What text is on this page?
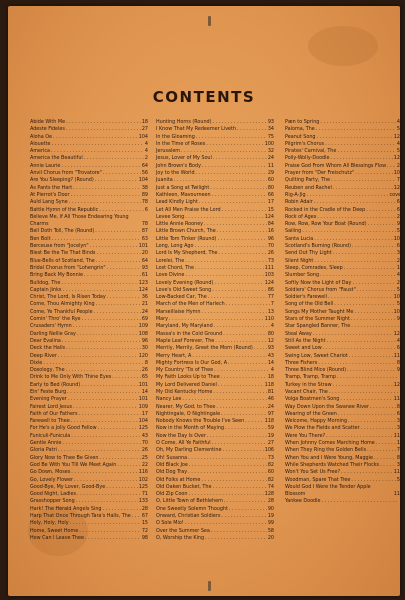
CONTENTS
Abide With Me . . .	18
Adeste Fideles . . .	27
Aloha Oe . . .	104
Alouette . . .	4
America . . .	4
America the Beautiful . . .	2
Annie Laurie . . .	64
Anvil Chorus from "Trovatore" . . .	56
Are You Sleeping? (Round) . . .	104
As Pants the Hart . . .	38
At Pierrot's Door . . .	89
Auld Lang Syne . . .	78
Battle Hymn of the Republic . . .	6
Believe Me, If All Those Endearing Young Charms	78
Bell Doth Toll, The (Round) . . .	87
Ben Bolt . . .	63
Berceuse from "Jocelyn" . . .	101
Blest Be the Tie That Binds . . .	20
Blue-Bells of Scotland, The . . .	64
Bridal Chorus from "Lohengrin" . . .	93
Bring Back My Bonnie . . .	61
Bulldog, The . . .	123
Captain Jinks . . .	124
Christ, The Lord, Is Risen Today . . .	36
Come, Thou Almighty King . . .	21
Come, Ye Thankful People . . .	24
Comin' Thro' the Rye . . .	69
Crusaders' Hymn . . .	109
Darling Nellie Gray . . .	108
Dear Evalina . . .	96
Deck the Halls . . .	30
Deep River . . .	120
Dixie . . .	8
Doxology, The . . .	26
Drink to Me Only With Thine Eyes . . .	65
Early to Bed (Round) . . .	101
Ein' Feste Burg . . .	14
Evening Prayer . . .	101
Fairest Lord Jesus . . .	109
Faith of Our Fathers . . .	17
Farewell to Thee . . .	104
For He's a Jolly Good Fellow . . .	125
Funiculi-Funicula . . .	43
Gentle Annie . . .	70
Gloria Patri . . .	26
Glory Now to Thee Be Given . . .	25
God Be With You Till We Meet Again . . .	22
Go Down, Moses . . .	116
Go, Lovely Flower . . .	102
Good-Bye, My Lover, Good-Bye . . .	125
Good Night, Ladies . . .	71
Grasshopper Song . . .	133
Hark! The Herald Angels Sing . . .	28
Harp That Once Through Tara's Halls, The . . . 67
Holy, Holy, Holy . . .	15
Home, Sweet Home . . .	72
How Can I Leave Thee . . .	98
Hunting Horns (Round) . . .	93
I Know That My Redeemer Liveth . . .	34
In the Gloaming . . .	75
In the Time of Roses . . .	100
Jerusalem . . .	32
Jesus, Lover of My Soul . . .	24
John Brown's Body . . .	11
Joy to the World . . .	29
Juanita . . .	60
Just a Song at Twilight . . .	80
Kathleen, Mavourneen . . .	66
Lead Kindly Light . . .	17
Let All Men Praise the Lord . . .	15
Levee Song . . .	124
Little Annie Rooney . . .	84
Little Brown Church, The . . .	16
Little Tom Tinker (Round) . . .	96
Long, Long Ago . . .	70
Lord Is My Shepherd, The . . .	26
Lorelei, The . . .	73
Lost Chord, The . . .	111
Love Divine . . .	103
Lovely Evening (Round) . . .	124
Love's Old Sweet Song . . .	86
Low-Backed Car, The . . .	77
March of the Men of Harlech . . .	7
Marseillaise Hymn . . .	13
Mary . . .	110
Maryland, My Maryland . . .	4
Massa's in the Cold Ground . . .	80
Maple Leaf Forever, The . . .	12
Merrily, Merrily, Greet the Morn (Round) . . .	93
Merry Heart, A . . .	43
Mighty Fortress Is Our God, A . . .	14
My Country 'Tis of Thee . . .	4
My Faith Looks Up to Thee . . .	18
My Lord Delivered Daniel . . .	118
My Old Kentucky Home . . .	81
Nancy Lee . . .	46
Nearer, My God, to Thee . . .	24
Nightingale, O Nightingale . . .	97
Nobody Knows the Trouble I've Seen . . .	118
Now in the Month of Maying . . .	59
Now the Day Is Over . . .	19
O Come, All Ye Faithful . . .	27
Oh, My Darling Clementine . . .	106
Oh! Susanna . . .	73
Old Black Joe . . .	82
Old Dog Tray . . .	60
Old Folks at Home . . .	82
Old Oaken Bucket, The . . .	74
Old Zip Coon . . .	128
O, Little Town of Bethlehem . . .	28
One Sweetly Solemn Thought . . .	90
Onward, Christian Soldiers . . .	19
O Sole Mio! . . .	99
Over the Summer Sea . . .	58
O, Worship the King . . .	20
Pæn to Spring . . .	48
Paloma, The . . .	52
Peanut Song . . .	125
Pilgrim's Chorus . . .	44
Pirates' Carnival, The . . .	50
Polly-Wolly-Doodle . . .	126
Praise God From Whom All Blessings Flow . . . 26
Prayer from "Der Freischutz" . . .	107
Quilting Party, The . . .	79
Reuben and Rachel . . .	127
Rig-A-Jig . . .	cover
Robin Adair . . .	63
Rocked in the Cradle of the Deep . . .	67
Rock of Ages . . .	23
Row, Row, Row Your Boat (Round) . . .	96
Sailing . . .	54
Santa Lucia . . .	102
Scotland's Burning (Round) . . .	62
Send Out Thy Light . . .	39
Silent Night . . .	27
Sleep, Comrades, Sleep . . .	10
Slumber Song . . .	43
Softly Now the Light of Day . . .	25
Soldiers' Chorus from "Faust" . . .	52
Soldier's Farewell . . .	105
Song of the Old Bell . . .	57
Songs My Mother Taught Me . . .	106
Stars of the Summer Night . . .	98
Star Spangled Banner, The . . .	3
Steal Away . . .	121
Still As the Night . . .	40
Sweet and Low . . .	65
Swing Low, Sweet Chariot . . .	119
Three Fishers . . .	88
Three Blind Mice (Round) . . .	91
Tramp, Tramp, Tramp . . .	9
Turkey in the Straw . . .	126
Vacant Chair, The . . .	9
Volga Boatmen's Song . . .	114
Way Down Upon the Swanee River . . .	82
Wearing of the Green . . .	68
Welcome, Happy Morning . . .	35
We Plow the Fields and Scatter . . .	33
Were You There? . . .	116
When Johnny Comes Marching Home . . .	12
When They Ring the Golden Bells . . .	76
When You and I Were Young, Maggie . . .	85
While Shepherds Watched Their Flocks . . .	30
Won't You Set Us Free? . . .	117
Woodman, Spare That Tree . . .	58
Would God I Were the Tender Apple Blossom	115
Yankee Doodle . . .	8
